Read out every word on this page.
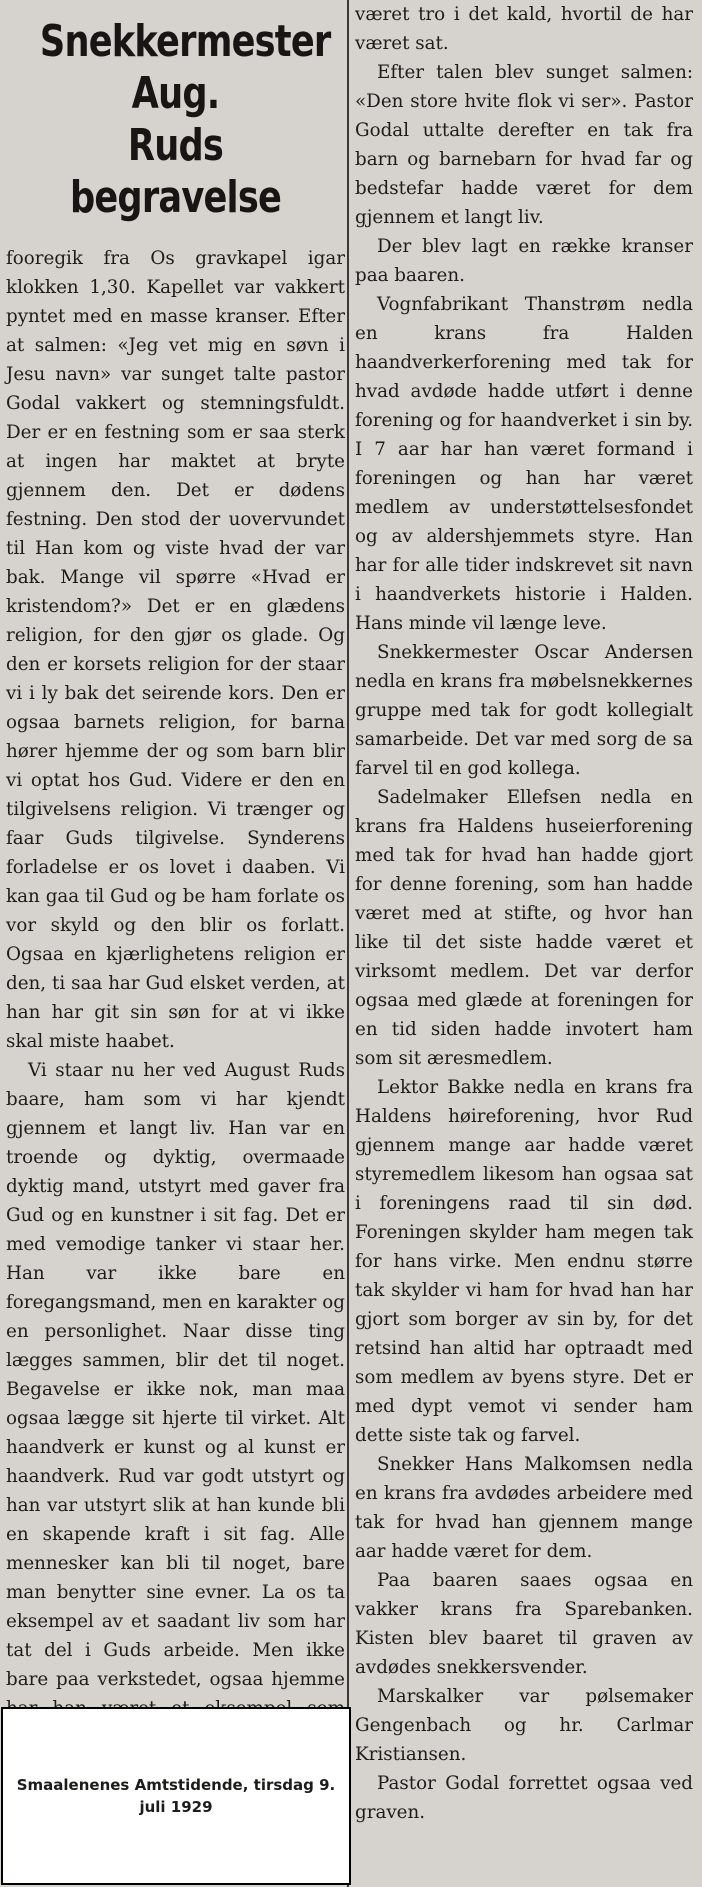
Snekkermester Aug.
Ruds begravelse

fooregik fra Os gravkapel igar klokken 1,30. Kapellet var vakkert pyntet med en masse kranser. Efter at salmen: «Jeg vet mig en søvn i Jesu navn» var sunget talte pastor Godal vakkert og stemningsfuldt. Der er en festning som er saa sterk at ingen har maktet at bryte gjennem den. Det er dødens festning. Den stod der uovervundet til Han kom og viste hvad der var bak. Mange vil spørre «Hvad er kristendom?» Det er en glædens religion, for den gjør os glade. Og den er korsets religion for der staar vi i ly bak det seirende kors. Den er ogsaa barnets religion, for barna hører hjemme der og som barn blir vi optat hos Gud. Videre er den en tilgivelsens religion. Vi trænger og faar Guds tilgivelse. Synderens forladelse er os lovet i daaben. Vi kan gaa til Gud og be ham forlate os vor skyld og den blir os forlatt. Ogsaa en kjærlighetens religion er den, ti saa har Gud elsket verden, at han har git sin søn for at vi ikke skal miste haabet.

Vi staar nu her ved August Ruds baare, ham som vi har kjendt gjennem et langt liv. Han var en troende og dyktig, overmaade dyktig mand, utstyrt med gaver fra Gud og en kunstner i sit fag. Det er med vemodige tanker vi staar her. Han var ikke bare en foregangsmand, men en karakter og en personlighet. Naar disse ting lægges sammen, blir det til noget. Begavelse er ikke nok, man maa ogsaa lægge sit hjerte til virket. Alt haandverk er kunst og al kunst er haandverk. Rud var godt utstyrt og han var utstyrt slik at han kunde bli en skapende kraft i sit fag. Alle mennesker kan bli til noget, bare man benytter sine evner. La os ta eksempel av et saadant liv som har tat del i Guds arbeide. Men ikke bare paa verkstedet, ogsaa hjemme

været tro i det kald, hvortil de har været sat.

Efter talen blev sunget salmen: «Den store hvite flok vi ser». Pastor Godal uttalte derefter en tak fra barn og barnebarn for hvad far og bedstefar hadde været for dem gjennem et langt liv.

Der blev lagt en række kranser paa baaren.

Vognfabrikant Thanstrøm nedla en krans fra Halden haandverkerforening med tak for hvad avdøde hadde utført i denne forening og for haandverket i sin by. I 7 aar har han været formand i foreningen og han har været medlem av understøttelsesfondet og av aldershjemmets styre. Han har for alle tider indskrevet sit navn i haandverkets historie i Halden. Hans minde vil længe leve.

Snekkermester Oscar Andersen nedla en krans fra møbelsnekkernes gruppe med tak for godt kollegialt samarbeide. Det var med sorg de sa farvel til en god kollega.

Sadelmaker Ellefsen nedla en krans fra Haldens huseierforening med tak for hvad han hadde gjort for denne forening, som han hadde været med at stifte, og hvor han like til det siste hadde været et virksomt medlem. Det var derfor ogsaa med glæde at foreningen for en tid siden hadde invotert ham som sit æresmedlem.

Lektor Bakke nedla en krans fra Haldens høireforening, hvor Rud gjennem mange aar hadde været styremedlem likesom han ogsaa sat i foreningens raad til sin død. Foreningen skylder ham megen tak for hans virke. Men endnu større tak skylder vi ham for hvad han har gjort som borger av sin by, for det retsind han altid har optraadt med som medlem av byens styre. Det er med dypt vemot vi sender ham dette siste tak og farvel.

Snekker Hans Malkomsen nedla en krans fra avdødes arbeidere med tak for hvad han gjennem mange aar hadde været for dem.

Paa baaren saaes ogsaa en vakker krans fra Sparebanken. Kisten blev baaret til graven av avdødes snekkersvender.

Marskalker var pølsemaker Gengenbach og hr. Carlmar Kristiansen.

Pastor Godal forrettet ogsaa ved graven.

Smaalenenes Amtstidende, tirsdag 9. juli 1929
